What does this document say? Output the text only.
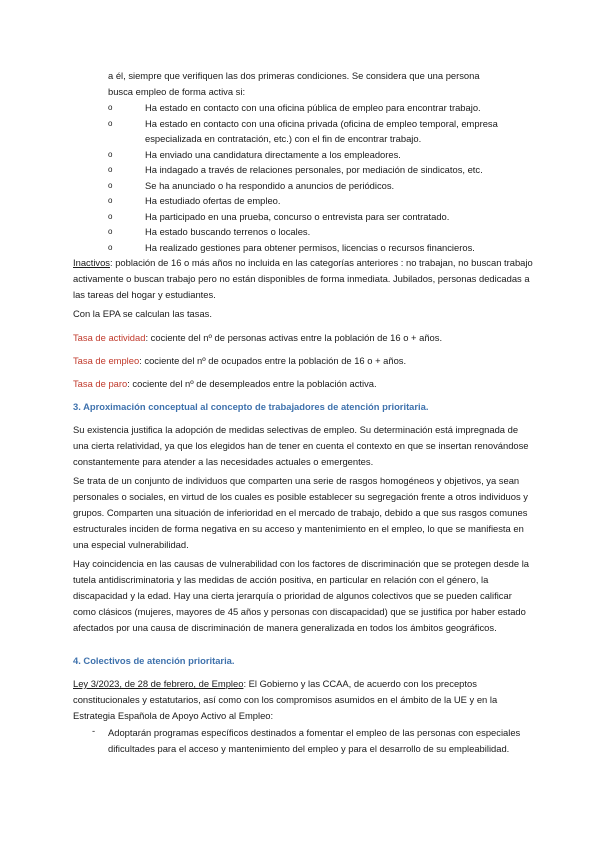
a él, siempre que verifiquen las dos primeras condiciones. Se considera que una persona
busca empleo de forma activa si:

o	Ha estado en contacto con una oficina pública de empleo para encontrar trabajo.
o	Ha estado en contacto con una oficina privada (oficina de empleo temporal, empresa especializada en contratación, etc.) con el fin de encontrar trabajo.
o	Ha enviado una candidatura directamente a los empleadores.
o	Ha indagado a través de relaciones personales, por mediación de sindicatos, etc.
o	Se ha anunciado o ha respondido a anuncios de periódicos.
o	Ha estudiado ofertas de empleo.
o	Ha participado en una prueba, concurso o entrevista para ser contratado.
o	Ha estado buscando terrenos o locales.
o	Ha realizado gestiones para obtener permisos, licencias o recursos financieros.

Inactivos: población de 16 o más años no incluida en las categorías anteriores : no trabajan, no buscan trabajo activamente o buscan trabajo pero no están disponibles de forma inmediata. Jubilados, personas dedicadas a las tareas del hogar y estudiantes.

Con la EPA se calculan las tasas.

Tasa de actividad: cociente del nº de personas activas entre la población de 16 o + años.

Tasa de empleo: cociente del nº de ocupados entre la población de 16 o + años.

Tasa de paro: cociente del nº de desempleados entre la población activa.

3. Aproximación conceptual al concepto de trabajadores de atención prioritaria.

Su existencia justifica la adopción de medidas selectivas de empleo. Su determinación está impregnada de una cierta relatividad, ya que los elegidos han de tener en cuenta el contexto en que se insertan renovándose constantemente para atender a las necesidades actuales o emergentes.

Se trata de un conjunto de individuos que comparten una serie de rasgos homogéneos y objetivos, ya sean personales o sociales, en virtud de los cuales es posible establecer su segregación frente a otros individuos y grupos. Comparten una situación de inferioridad en el mercado de trabajo, debido a que sus rasgos comunes estructurales inciden de forma negativa en su acceso y mantenimiento en el empleo, lo que se manifiesta en una especial vulnerabilidad.

Hay coincidencia en las causas de vulnerabilidad con los factores de discriminación que se protegen desde la tutela antidiscriminatoria y las medidas de acción positiva, en particular en relación con el género, la discapacidad y la edad. Hay una cierta jerarquía o prioridad de algunos colectivos que se pueden calificar como clásicos (mujeres, mayores de 45 años y personas con discapacidad) que se justifica por haber estado afectados por una causa de discriminación de manera generalizada en todos los ámbitos geográficos.

4. Colectivos de atención prioritaria.

Ley 3/2023, de 28 de febrero, de Empleo: El Gobierno y las CCAA, de acuerdo con los preceptos constitucionales y estatutarios, así como con los compromisos asumidos en el ámbito de la UE y en la Estrategia Española de Apoyo Activo al Empleo:

- Adoptarán programas específicos destinados a fomentar el empleo de las personas con especiales dificultades para el acceso y mantenimiento del empleo y para el desarrollo de su empleabilidad.
